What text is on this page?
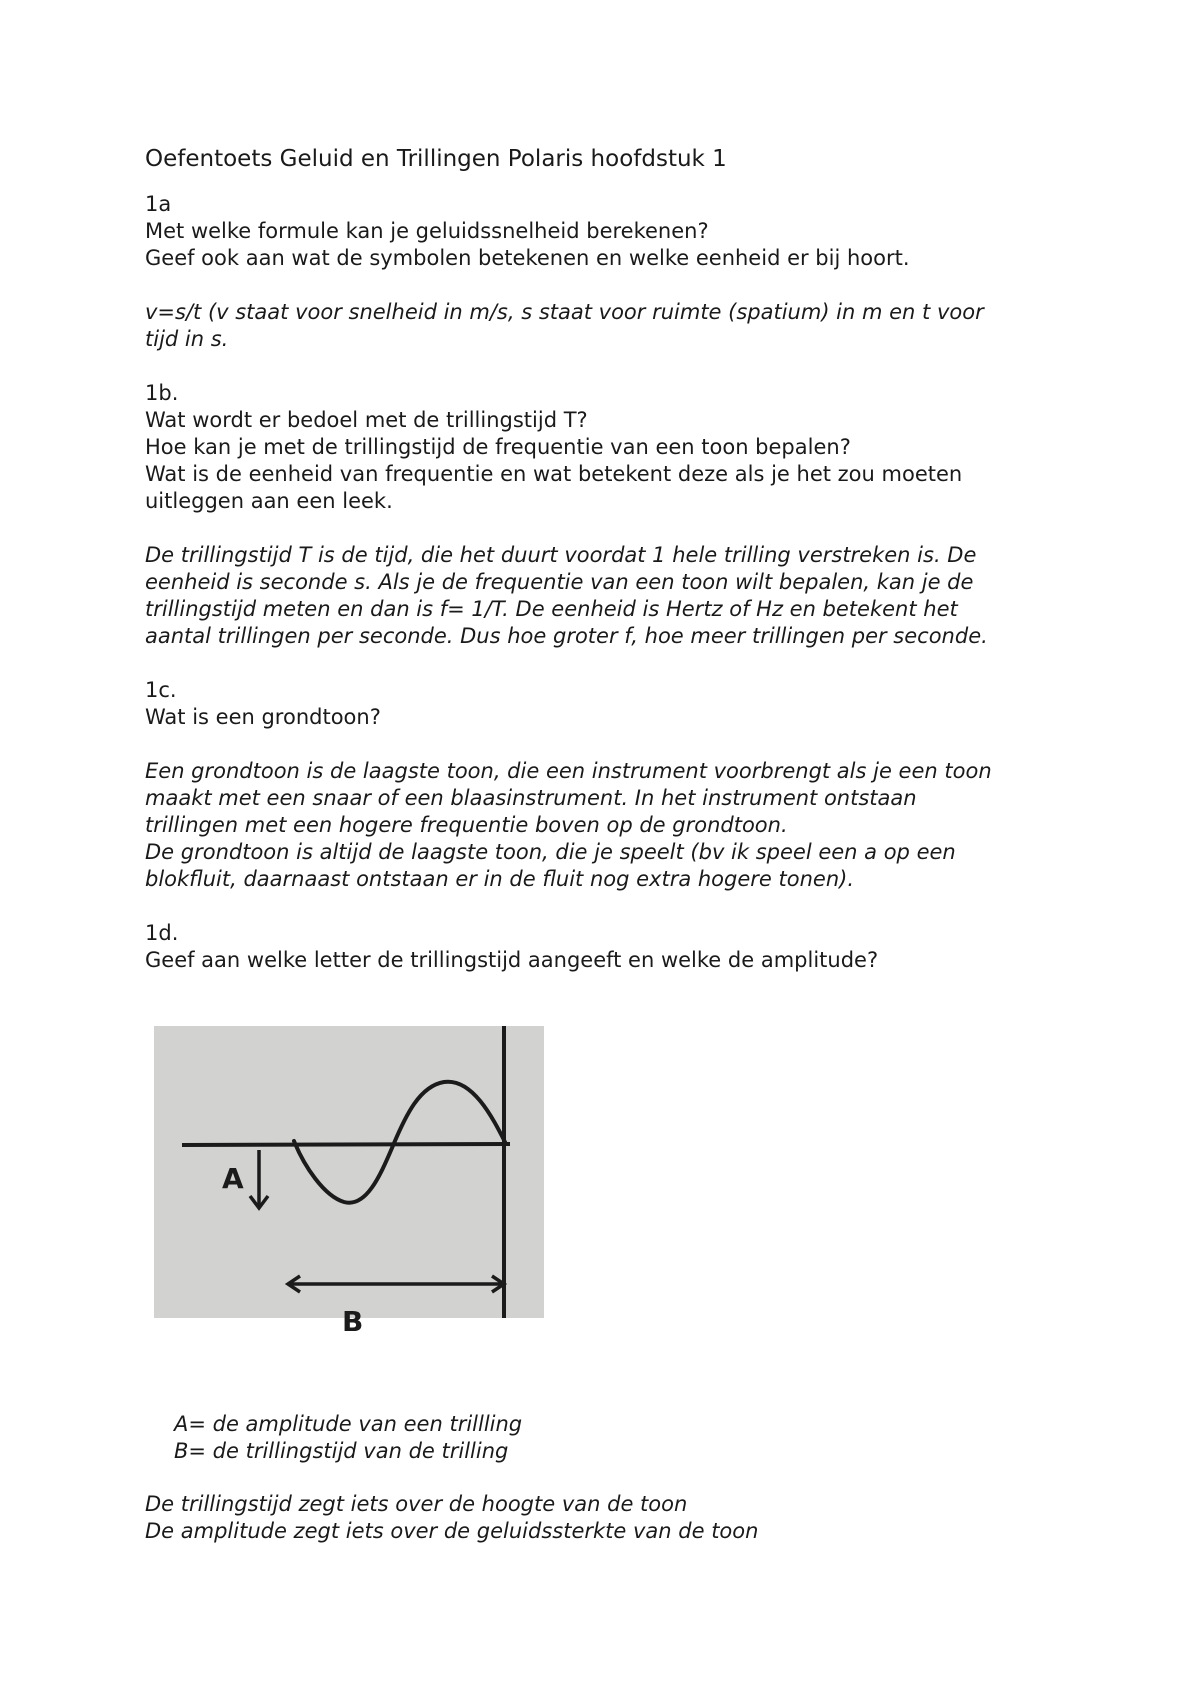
Oefentoets Geluid en Trillingen Polaris hoofdstuk 1

1a

Met welke formule kan je geluidssnelheid berekenen?

Geef ook aan wat de symbolen betekenen en welke eenheid er bij hoort.

v=s/t (v staat voor snelheid in m/s, s staat voor ruimte (spatium) in m en t voor

tijd in s.

1b.

Wat wordt er bedoel met de trillingstijd T?

Hoe kan je met de trillingstijd de frequentie van een toon bepalen?

Wat is de eenheid van frequentie en wat betekent deze als je het zou moeten

uitleggen aan een leek.

De trillingstijd T is de tijd, die het duurt voordat 1 hele trilling verstreken is. De

eenheid is seconde s. Als je de frequentie van een toon wilt bepalen, kan je de

trillingstijd meten en dan is f= 1/T. De eenheid is Hertz of Hz en betekent het

aantal trillingen per seconde. Dus hoe groter f, hoe meer trillingen per seconde.

1c.

Wat is een grondtoon?

Een grondtoon is de laagste toon, die een instrument voorbrengt als je een toon

maakt met een snaar of een blaasinstrument. In het instrument ontstaan

trillingen met een hogere frequentie boven op de grondtoon.

De grondtoon is altijd de laagste toon, die je speelt (bv ik speel een a op een

blokfluit, daarnaast ontstaan er in de fluit nog extra hogere tonen).

1d.

Geef aan welke letter de trillingstijd aangeeft en welke de amplitude?

A
B

A= de amplitude van een trillling

B= de trillingstijd van de trilling

De trillingstijd zegt iets over de hoogte van de toon

De amplitude zegt iets over de geluidssterkte van de toon
